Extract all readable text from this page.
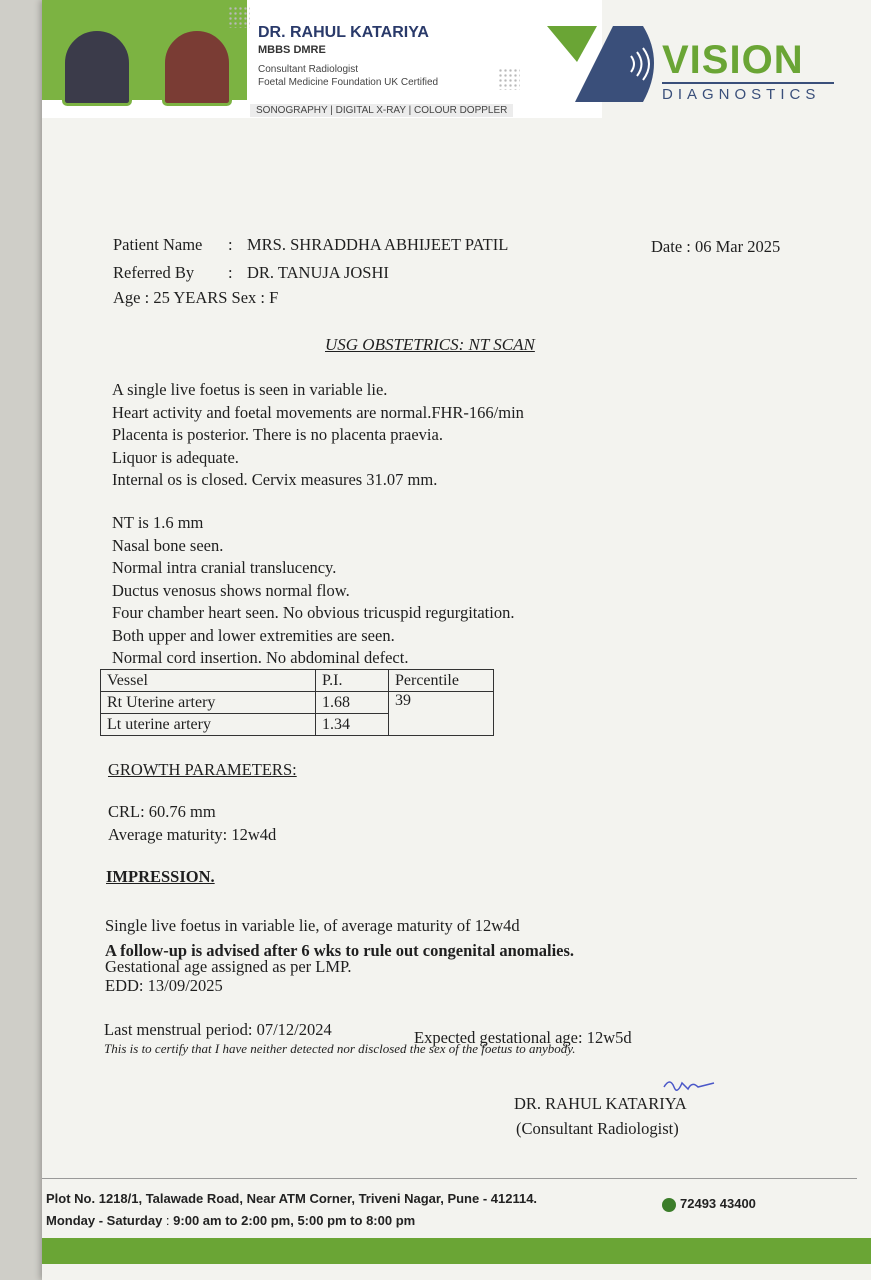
DR. RAHUL KATARIYA
MBBS DMRE
Consultant Radiologist
Foetal Medicine Foundation UK Certified
SONOGRAPHY | DIGITAL X-RAY | COLOUR DOPPLER
VISION
DIAGNOSTICS
Patient Name : MRS. SHRADDHA ABHIJEET PATIL	Date : 06 Mar 2025
Referred By : DR. TANUJA JOSHI
Age : 25 YEARS Sex : F
USG OBSTETRICS: NT SCAN
A single live foetus is seen in variable lie.
Heart activity and foetal movements are normal.FHR-166/min
Placenta is posterior. There is no placenta praevia.
Liquor is adequate.
Internal os is closed. Cervix measures 31.07 mm.
NT is 1.6 mm
Nasal bone seen.
Normal intra cranial translucency.
Ductus venosus shows normal flow.
Four chamber heart seen. No obvious tricuspid regurgitation.
Both upper and lower extremities are seen.
Normal cord insertion. No abdominal defect.
Vessel	P.I.	Percentile
Rt Uterine artery	1.68	39
Lt uterine artery	1.34	
GROWTH PARAMETERS:
CRL: 60.76 mm
Average maturity: 12w4d
IMPRESSION.
Single live foetus in variable lie, of average maturity of 12w4d
A follow-up is advised after 6 wks to rule out congenital anomalies.
Gestational age assigned as per LMP.
EDD: 13/09/2025
Last menstrual period: 07/12/2024	Expected gestational age: 12w5d
This is to certify that I have neither detected nor disclosed the sex of the foetus to anybody.
DR. RAHUL KATARIYA
(Consultant Radiologist)
Plot No. 1218/1, Talawade Road, Near ATM Corner, Triveni Nagar, Pune - 412114.	72493 43400
Monday - Saturday : 9:00 am to 2:00 pm, 5:00 pm to 8:00 pm
